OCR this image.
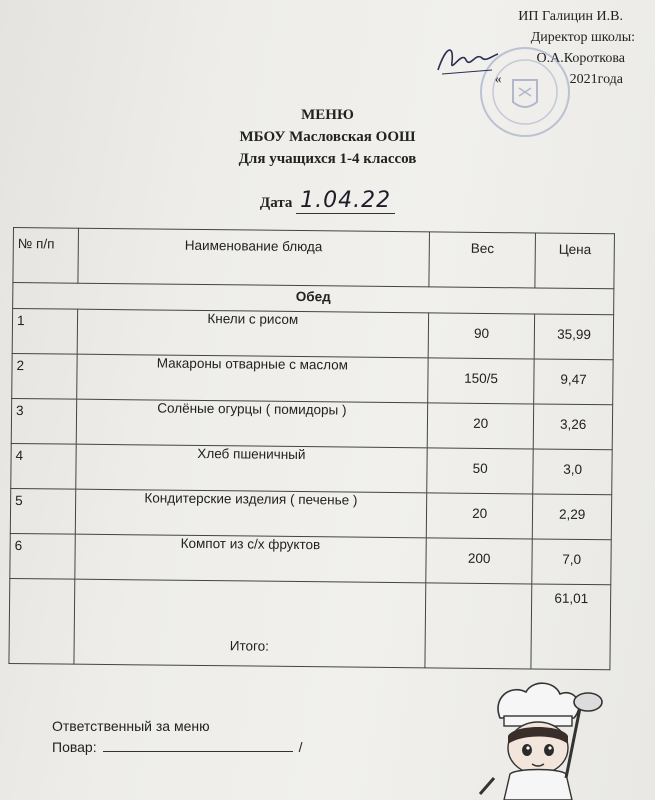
ИП Галицин И.В.
Директор школы:
О.А.Короткова
«	2021года
МЕНЮ
МБОУ Масловская ООШ
Для учащихся 1-4 классов
Дата 1.04.22
№ п/п	Наименование блюда	Вес	Цена
Обед			
1	Кнели с рисом	90	35,99
2	Макароны отварные с маслом	150/5	9,47
3	Солёные огурцы ( помидоры )	20	3,26
4	Хлеб пшеничный	50	3,0
5	Кондитерские изделия ( печенье )	20	2,29
6	Компот из с/х фруктов	200	7,0
	Итого:		61,01
Ответственный за меню
Повар:	/
